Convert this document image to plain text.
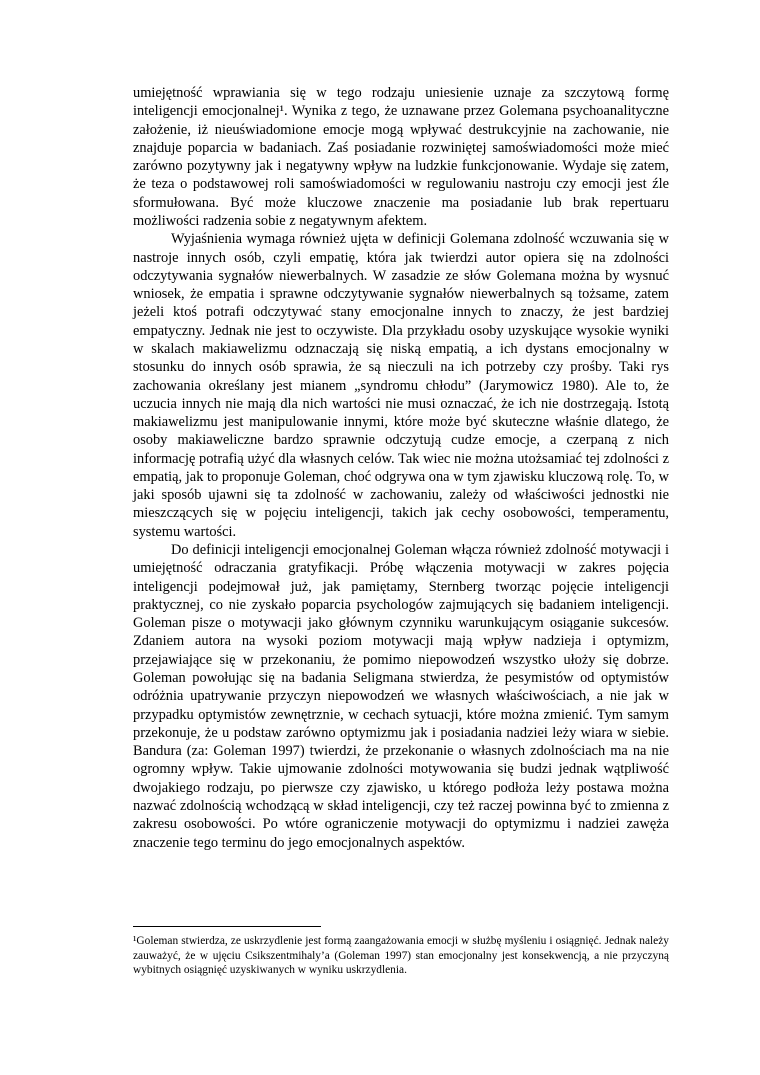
umiejętność wprawiania się w tego rodzaju uniesienie uznaje za szczytową formę inteligencji emocjonalnej¹. Wynika z tego, że uznawane przez Golemana psychoanalityczne założenie, iż nieuświadomione emocje mogą wpływać destrukcyjnie na zachowanie, nie znajduje poparcia w badaniach. Zaś posiadanie rozwiniętej samoświadomości może mieć zarówno pozytywny jak i negatywny wpływ na ludzkie funkcjonowanie. Wydaje się zatem, że teza o podstawowej roli samoświadomości w regulowaniu nastroju czy emocji jest źle sformułowana. Być może kluczowe znaczenie ma posiadanie lub brak repertuaru możliwości radzenia sobie z negatywnym afektem.

Wyjaśnienia wymaga również ujęta w definicji Golemana zdolność wczuwania się w nastroje innych osób, czyli empatię, która jak twierdzi autor opiera się na zdolności odczytywania sygnałów niewerbalnych. W zasadzie ze słów Golemana można by wysnuć wniosek, że empatia i sprawne odczytywanie sygnałów niewerbalnych są tożsame, zatem jeżeli ktoś potrafi odczytywać stany emocjonalne innych to znaczy, że jest bardziej empatyczny. Jednak nie jest to oczywiste. Dla przykładu osoby uzyskujące wysokie wyniki w skalach makiawelizmu odznaczają się niską empatią, a ich dystans emocjonalny w stosunku do innych osób sprawia, że są nieczuli na ich potrzeby czy prośby. Taki rys zachowania określany jest mianem „syndromu chłodu” (Jarymowicz 1980). Ale to, że uczucia innych nie mają dla nich wartości nie musi oznaczać, że ich nie dostrzegają. Istotą makiawelizmu jest manipulowanie innymi, które może być skuteczne właśnie dlatego, że osoby makiaweliczne bardzo sprawnie odczytują cudze emocje, a czerpaną z nich informację potrafią użyć dla własnych celów. Tak wiec nie można utożsamiać tej zdolności z empatią, jak to proponuje Goleman, choć odgrywa ona w tym zjawisku kluczową rolę. To, w jaki sposób ujawni się ta zdolność w zachowaniu, zależy od właściwości jednostki nie mieszczących się w pojęciu inteligencji, takich jak cechy osobowości, temperamentu, systemu wartości.

Do definicji inteligencji emocjonalnej Goleman włącza również zdolność motywacji i umiejętność odraczania gratyfikacji. Próbę włączenia motywacji w zakres pojęcia inteligencji podejmował już, jak pamiętamy, Sternberg tworząc pojęcie inteligencji praktycznej, co nie zyskało poparcia psychologów zajmujących się badaniem inteligencji. Goleman pisze o motywacji jako głównym czynniku warunkującym osiąganie sukcesów. Zdaniem autora na wysoki poziom motywacji mają wpływ nadzieja i optymizm, przejawiające się w przekonaniu, że pomimo niepowodzeń wszystko ułoży się dobrze. Goleman powołując się na badania Seligmana stwierdza, że pesymistów od optymistów odróżnia upatrywanie przyczyn niepowodzeń we własnych właściwościach, a nie jak w przypadku optymistów zewnętrznie, w cechach sytuacji, które można zmienić. Tym samym przekonuje, że u podstaw zarówno optymizmu jak i posiadania nadziei leży wiara w siebie. Bandura (za: Goleman 1997) twierdzi, że przekonanie o własnych zdolnościach ma na nie ogromny wpływ. Takie ujmowanie zdolności motywowania się budzi jednak wątpliwość dwojakiego rodzaju, po pierwsze czy zjawisko, u którego podłoża leży postawa można nazwać zdolnością wchodzącą w skład inteligencji, czy też raczej powinna być to zmienna z zakresu osobowości. Po wtóre ograniczenie motywacji do optymizmu i nadziei zawęża znaczenie tego terminu do jego emocjonalnych aspektów.

¹Goleman stwierdza, ze uskrzydlenie jest formą zaangażowania emocji w służbę myśleniu i osiągnięć. Jednak należy zauważyć, że w ujęciu Csikszentmihaly’a (Goleman 1997) stan emocjonalny jest konsekwencją, a nie przyczyną wybitnych osiągnięć uzyskiwanych w wyniku uskrzydlenia.
